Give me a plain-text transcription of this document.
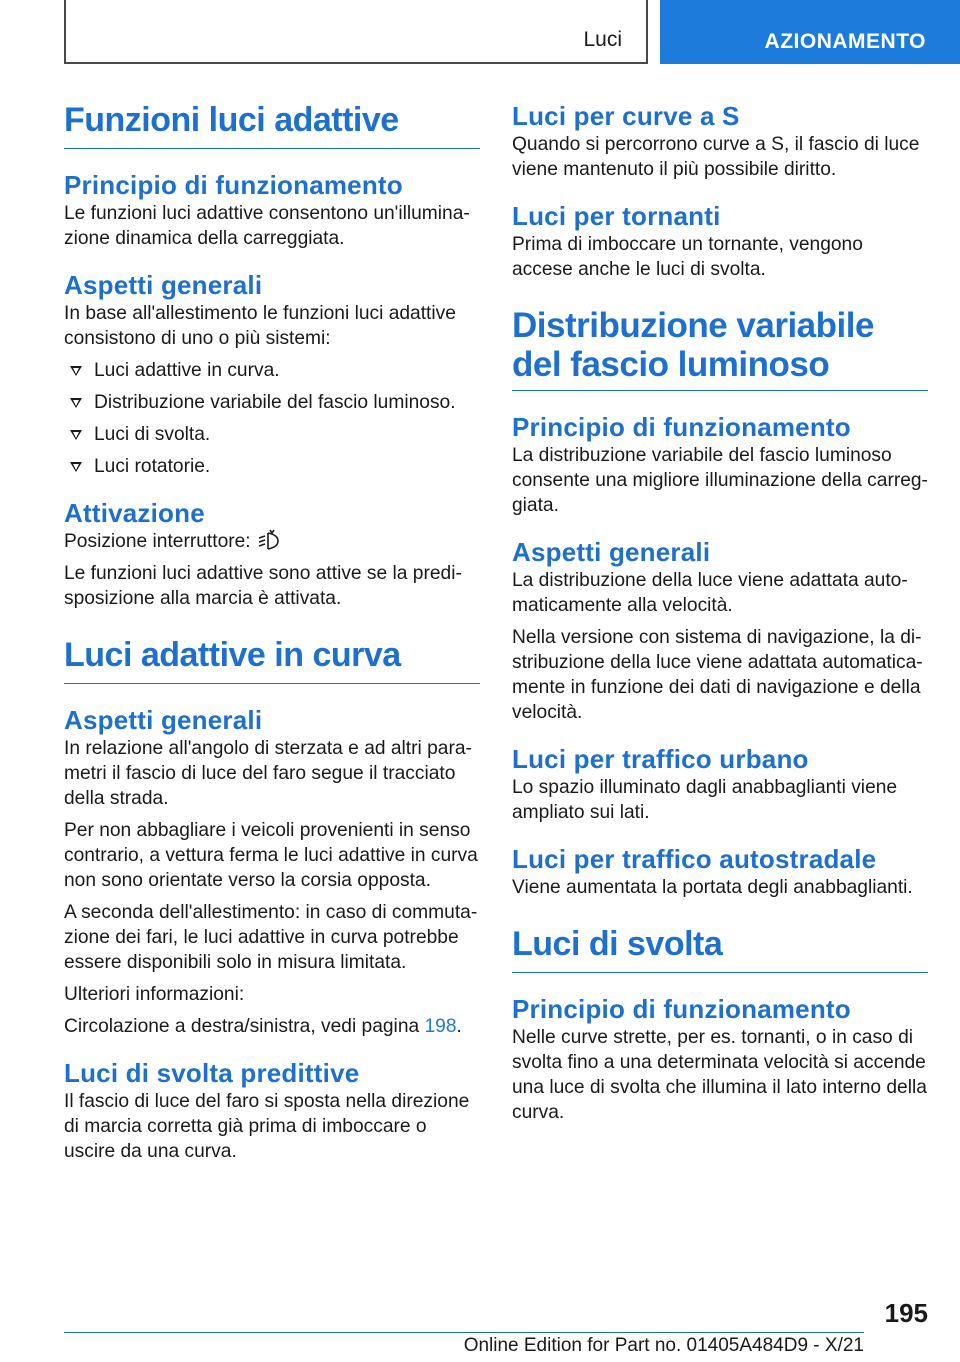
Luci	AZIONAMENTO
Funzioni luci adattive
Principio di funzionamento

Le funzioni luci adattive consentono un'illumina-zione dinamica della carreggiata.

Aspetti generali

In base all'allestimento le funzioni luci adattive consistono di uno o più sistemi:

Luci adattive in curva.
Distribuzione variabile del fascio luminoso.
Luci di svolta.
Luci rotatorie.
Attivazione

Posizione interruttore:

Le funzioni luci adattive sono attive se la predi-sposizione alla marcia è attivata.

Luci adattive in curva
Aspetti generali

In relazione all'angolo di sterzata e ad altri para-metri il fascio di luce del faro segue il tracciato della strada.

Per non abbagliare i veicoli provenienti in senso contrario, a vettura ferma le luci adattive in curva non sono orientate verso la corsia opposta.

A seconda dell'allestimento: in caso di commuta-zione dei fari, le luci adattive in curva potrebbe essere disponibili solo in misura limitata.

Ulteriori informazioni:

Circolazione a destra/sinistra, vedi pagina 198.

Luci di svolta predittive

Il fascio di luce del faro si sposta nella direzione di marcia corretta già prima di imboccare o uscire da una curva.

Luci per curve a S

Quando si percorrono curve a S, il fascio di luce viene mantenuto il più possibile diritto.

Luci per tornanti

Prima di imboccare un tornante, vengono accese anche le luci di svolta.

Distribuzione variabile del fascio luminoso
Principio di funzionamento

La distribuzione variabile del fascio luminoso consente una migliore illuminazione della carreg-giata.

Aspetti generali

La distribuzione della luce viene adattata auto-maticamente alla velocità.

Nella versione con sistema di navigazione, la di-stribuzione della luce viene adattata automatica-mente in funzione dei dati di navigazione e della velocità.

Luci per traffico urbano

Lo spazio illuminato dagli anabbaglianti viene ampliato sui lati.

Luci per traffico autostradale

Viene aumentata la portata degli anabbaglianti.

Luci di svolta
Principio di funzionamento

Nelle curve strette, per es. tornanti, o in caso di svolta fino a una determinata velocità si accende una luce di svolta che illumina il lato interno della curva.

195
Online Edition for Part no. 01405A484D9 - X/21
